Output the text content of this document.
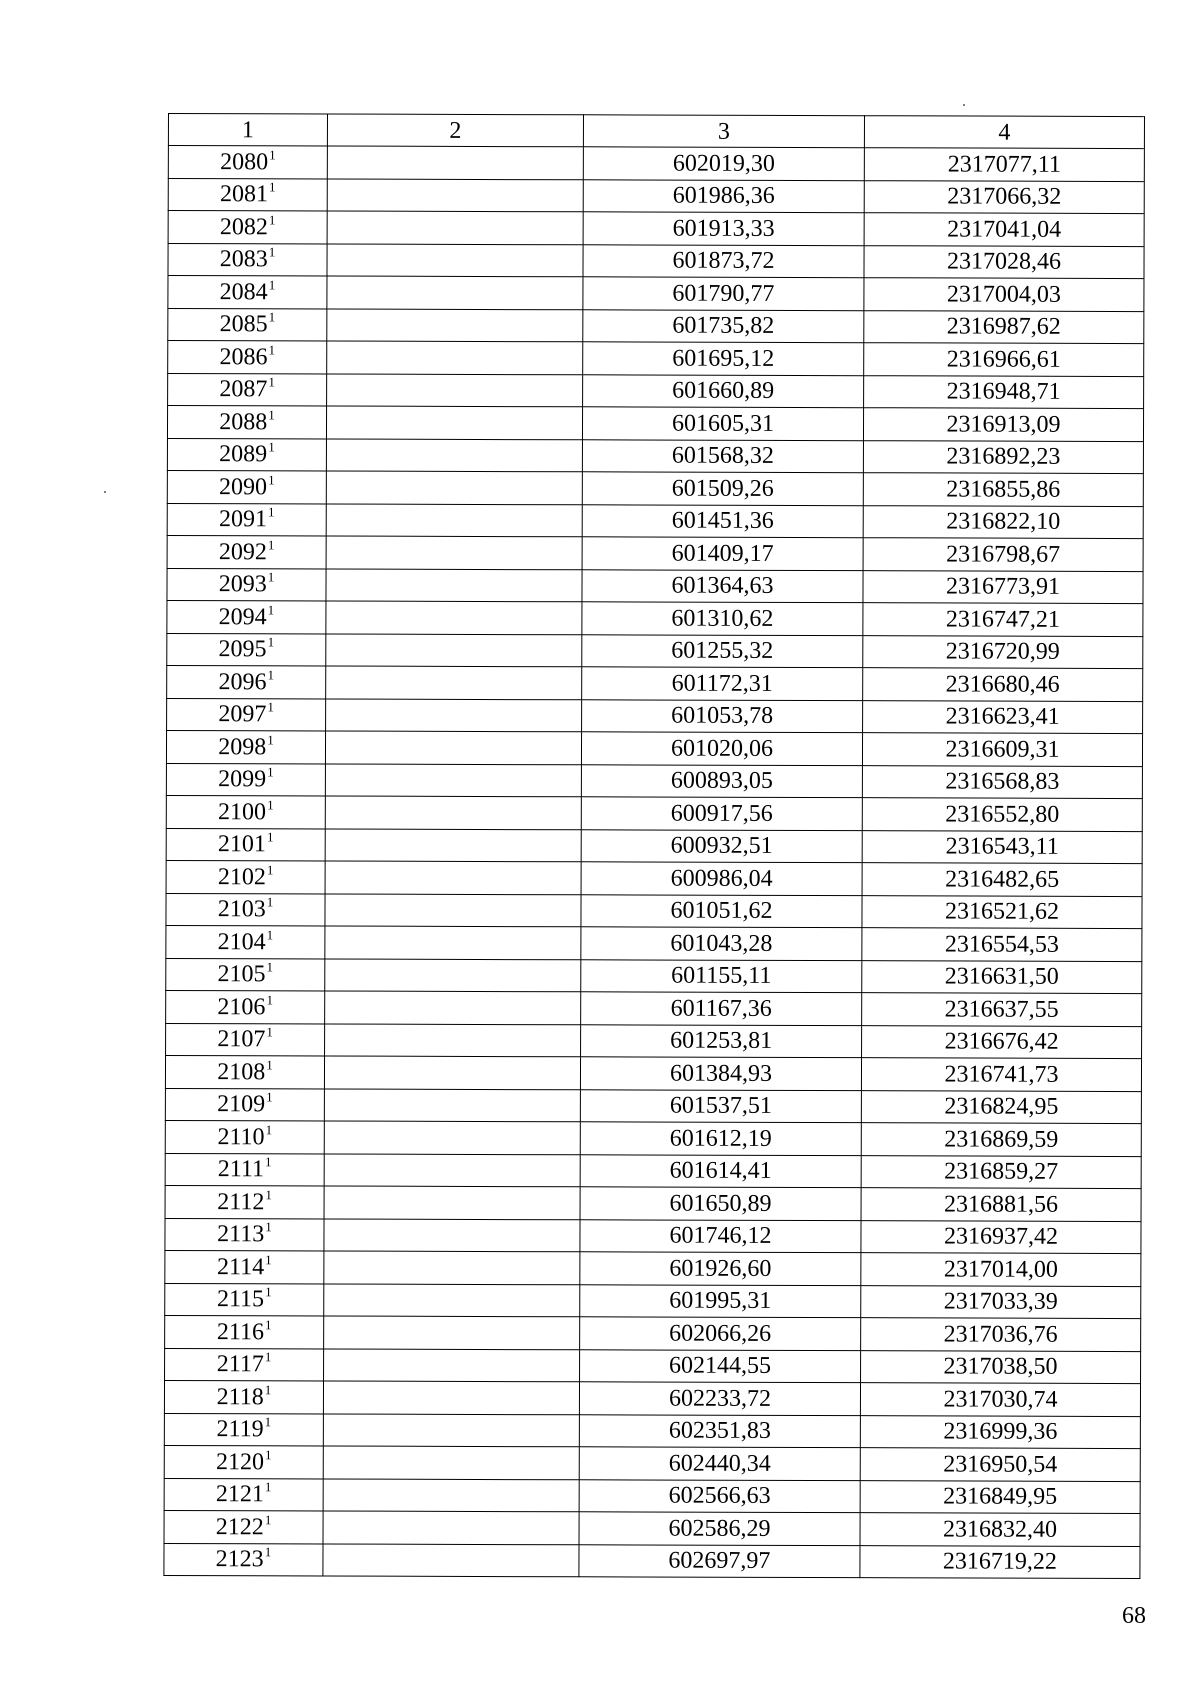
1	2	3	4
2080$^1$		602019,30	2317077,11
2081$^1$		601986,36	2317066,32
2082$^1$		601913,33	2317041,04
2083$^1$		601873,72	2317028,46
2084$^1$		601790,77	2317004,03
2085$^1$		601735,82	2316987,62
2086$^1$		601695,12	2316966,61
2087$^1$		601660,89	2316948,71
2088$^1$		601605,31	2316913,09
2089$^1$		601568,32	2316892,23
2090$^1$		601509,26	2316855,86
2091$^1$		601451,36	2316822,10
2092$^1$		601409,17	2316798,67
2093$^1$		601364,63	2316773,91
2094$^1$		601310,62	2316747,21
2095$^1$		601255,32	2316720,99
2096$^1$		601172,31	2316680,46
2097$^1$		601053,78	2316623,41
2098$^1$		601020,06	2316609,31
2099$^1$		600893,05	2316568,83
2100$^1$		600917,56	2316552,80
2101$^1$		600932,51	2316543,11
2102$^1$		600986,04	2316482,65
2103$^1$		601051,62	2316521,62
2104$^1$		601043,28	2316554,53
2105$^1$		601155,11	2316631,50
2106$^1$		601167,36	2316637,55
2107$^1$		601253,81	2316676,42
2108$^1$		601384,93	2316741,73
2109$^1$		601537,51	2316824,95
2110$^1$		601612,19	2316869,59
2111$^1$		601614,41	2316859,27
2112$^1$		601650,89	2316881,56
2113$^1$		601746,12	2316937,42
2114$^1$		601926,60	2317014,00
2115$^1$		601995,31	2317033,39
2116$^1$		602066,26	2317036,76
2117$^1$		602144,55	2317038,50
2118$^1$		602233,72	2317030,74
2119$^1$		602351,83	2316999,36
2120$^1$		602440,34	2316950,54
2121$^1$		602566,63	2316849,95
2122$^1$		602586,29	2316832,40
2123$^1$		602697,97	2316719,22
68
